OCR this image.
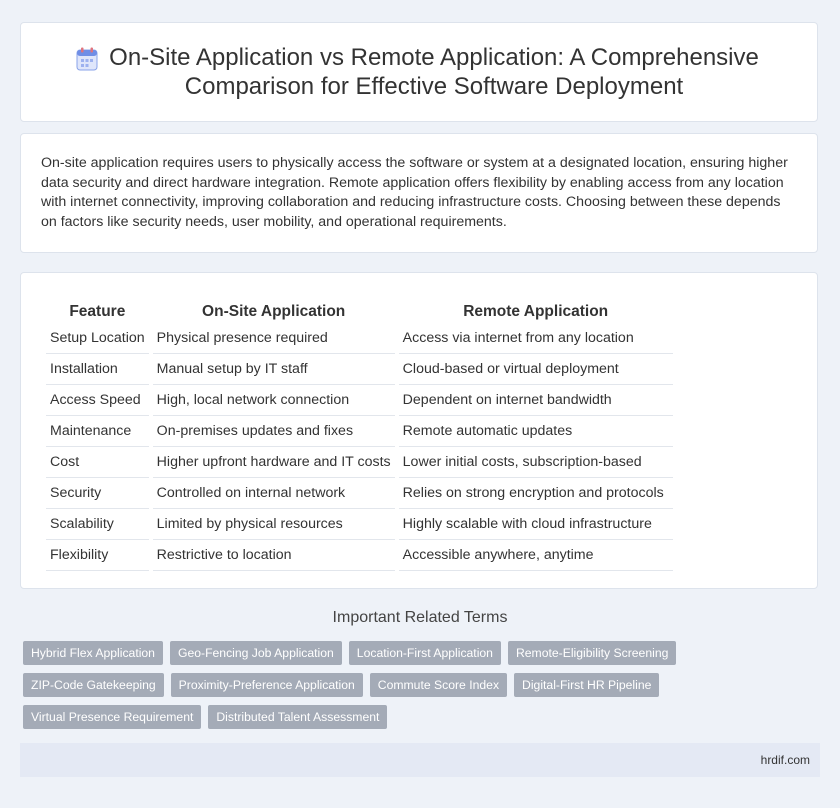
On-Site Application vs Remote Application: A Comprehensive
Comparison for Effective Software Deployment

On-site application requires users to physically access the software or system at a designated location, ensuring higher data security and direct hardware integration. Remote application offers flexibility by enabling access from any location with internet connectivity, improving collaboration and reducing infrastructure costs. Choosing between these depends on factors like security needs, user mobility, and operational requirements.

Feature	On-Site Application	Remote Application
Setup Location	Physical presence required	Access via internet from any location
Installation	Manual setup by IT staff	Cloud-based or virtual deployment
Access Speed	High, local network connection	Dependent on internet bandwidth
Maintenance	On-premises updates and fixes	Remote automatic updates
Cost	Higher upfront hardware and IT costs	Lower initial costs, subscription-based
Security	Controlled on internal network	Relies on strong encryption and protocols
Scalability	Limited by physical resources	Highly scalable with cloud infrastructure
Flexibility	Restrictive to location	Accessible anywhere, anytime
Important Related Terms
Hybrid Flex Application	Geo-Fencing Job Application	Location-First Application	Remote-Eligibility Screening
ZIP-Code Gatekeeping	Proximity-Preference Application	Commute Score Index	Digital-First HR Pipeline
Virtual Presence Requirement	Distributed Talent Assessment
hrdif.com
